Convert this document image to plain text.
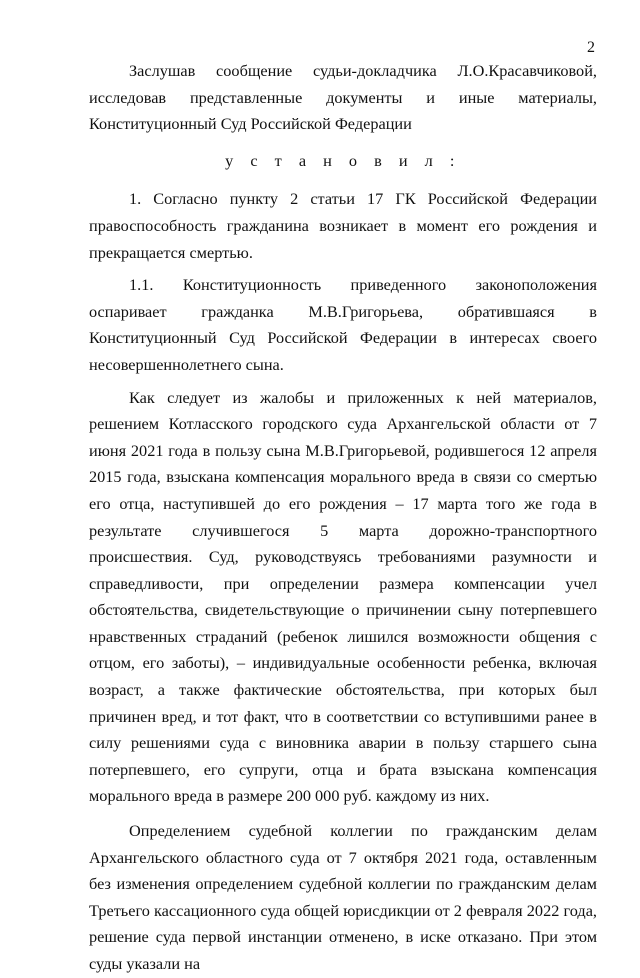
2

Заслушав сообщение судьи-докладчика Л.О.Красавчиковой, исследовав представленные документы и иные материалы, Конституционный Суд Российской Федерации

у с т а н о в и л :

1. Согласно пункту 2 статьи 17 ГК Российской Федерации правоспособность гражданина возникает в момент его рождения и прекращается смертью.

1.1. Конституционность приведенного законоположения оспаривает гражданка М.В.Григорьева, обратившаяся в Конституционный Суд Российской Федерации в интересах своего несовершеннолетнего сына.

Как следует из жалобы и приложенных к ней материалов, решением Котласского городского суда Архангельской области от 7 июня 2021 года в пользу сына М.В.Григорьевой, родившегося 12 апреля 2015 года, взыскана компенсация морального вреда в связи со смертью его отца, наступившей до его рождения – 17 марта того же года в результате случившегося 5 марта дорожно-транспортного происшествия. Суд, руководствуясь требованиями разумности и справедливости, при определении размера компенсации учел обстоятельства, свидетельствующие о причинении сыну потерпевшего нравственных страданий (ребенок лишился возможности общения с отцом, его заботы), – индивидуальные особенности ребенка, включая возраст, а также фактические обстоятельства, при которых был причинен вред, и тот факт, что в соответствии со вступившими ранее в силу решениями суда с виновника аварии в пользу старшего сына потерпевшего, его супруги, отца и брата взыскана компенсация морального вреда в размере 200 000 руб. каждому из них.

Определением судебной коллегии по гражданским делам Архангельского областного суда от 7 октября 2021 года, оставленным без изменения определением судебной коллегии по гражданским делам Третьего кассационного суда общей юрисдикции от 2 февраля 2022 года, решение суда первой инстанции отменено, в иске отказано. При этом суды указали на
